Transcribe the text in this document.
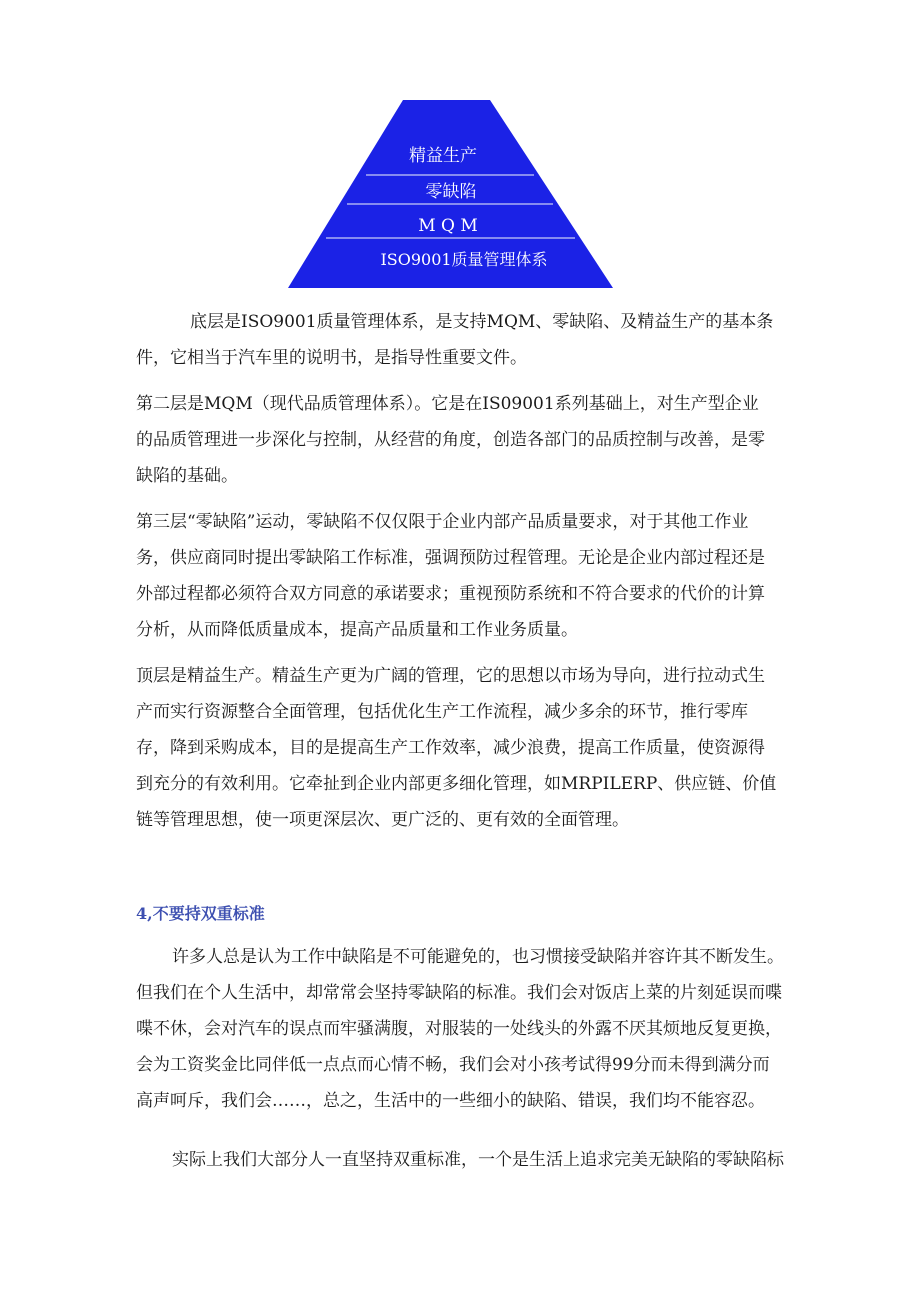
精益生产
零缺陷
M Q M
ISO9001质量管理体系

底层是ISO9001质量管理体系，是支持MQM、零缺陷、及精益生产的基本条

件，它相当于汽车里的说明书，是指导性重要文件。

第二层是MQM（现代品质管理体系）。它是在IS09001系列基础上，对生产型企业

的品质管理进一步深化与控制，从经营的角度，创造各部门的品质控制与改善，是零

缺陷的基础。

第三层“零缺陷”运动，零缺陷不仅仅限于企业内部产品质量要求，对于其他工作业

务，供应商同时提出零缺陷工作标准，强调预防过程管理。无论是企业内部过程还是

外部过程都必须符合双方同意的承诺要求；重视预防系统和不符合要求的代价的计算

分析，从而降低质量成本，提高产品质量和工作业务质量。

顶层是精益生产。精益生产更为广阔的管理，它的思想以市场为导向，进行拉动式生

产而实行资源整合全面管理，包括优化生产工作流程，减少多余的环节，推行零库

存，降到采购成本，目的是提高生产工作效率，减少浪费，提高工作质量，使资源得

到充分的有效利用。它牵扯到企业内部更多细化管理，如MRPILERP、供应链、价值

链等管理思想，使一项更深层次、更广泛的、更有效的全面管理。

4,不要持双重标准

许多人总是认为工作中缺陷是不可能避免的，也习惯接受缺陷并容许其不断发生。

但我们在个人生活中，却常常会坚持零缺陷的标准。我们会对饭店上菜的片刻延误而喋

喋不休，会对汽车的误点而牢骚满腹，对服装的一处线头的外露不厌其烦地反复更换，

会为工资奖金比同伴低一点点而心情不畅，我们会对小孩考试得99分而未得到满分而

高声呵斥，我们会……，总之，生活中的一些细小的缺陷、错误，我们均不能容忍。

实际上我们大部分人一直坚持双重标准，一个是生活上追求完美无缺陷的零缺陷标
